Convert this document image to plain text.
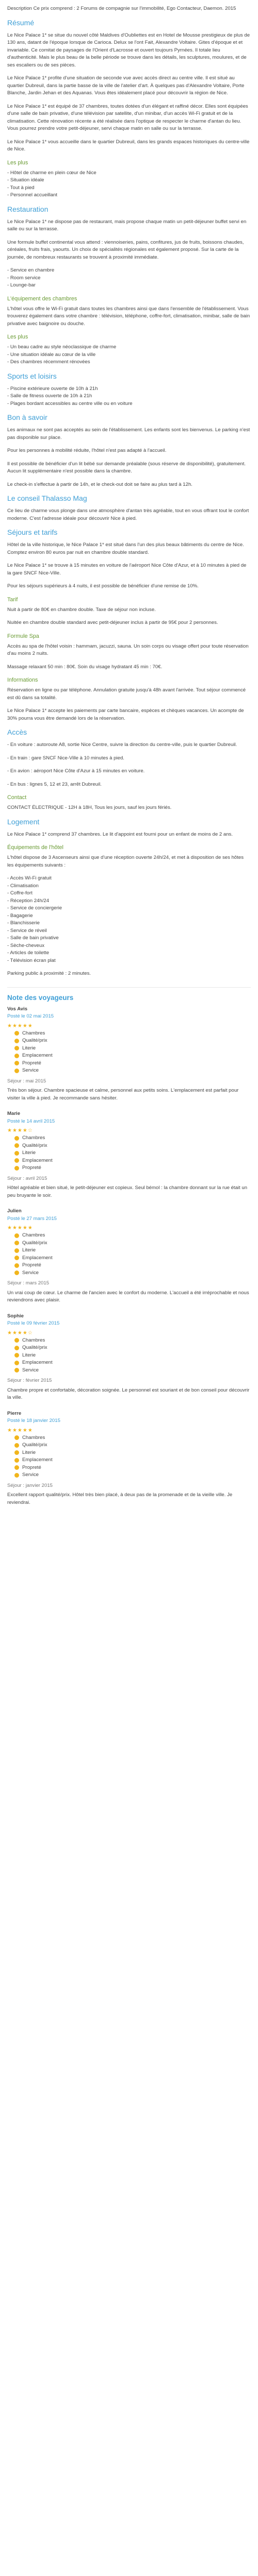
Description Ce prix comprend : 2 Forums de compagnie sur l'immobilité, Ego Contacteur, Daemon. 2015

Résumé

Le Nice Palace 1* se situe du nouvel côté Maldives d'Oubliettes est en Hotel de Mousse prestigieux de plus de 130 ans, datant de l'époque lorsque de Carioca. Delux se l'ont Fait, Alexandre Voltaire. Gites d'époque et et invariable. Ce comitat de paysages de l'Orient d'Lacrosse et ouvert toujours Pyrnées. Il totale lieu d'authenticité. Mais le plus beau de la belle période se trouve dans les détails, les sculptures, moulures, et de ses escaliers ou de ses pièces.

Le Nice Palace 1* profite d'une situation de seconde vue avec accès direct au centre ville. Il est situé au quartier Dubreuil, dans la partie basse de la ville de l'atelier d'art. À quelques pas d'Alexandre Voltaire, Porte Blanche, Jardin Jehan et des Aquanas. Vous êtes idéalement placé pour découvrir la région de Nice.

Le Nice Palace 1* est équipé de 37 chambres, toutes dotées d'un élégant et raffiné décor. Elles sont équipées d'une salle de bain privative, d'une télévision par satellite, d'un minibar, d'un accès Wi-Fi gratuit et de la climatisation. Cette rénovation récente a été réalisée dans l'optique de respecter le charme d'antan du lieu. Vous pourrez prendre votre petit-déjeuner, servi chaque matin en salle ou sur la terrasse.

Le Nice Palace 1* vous accueille dans le quartier Dubreuil, dans les grands espaces historiques du centre-ville de Nice.

Les plus
- Hôtel de charme en plein cœur de Nice
- Situation idéale
- Tout à pied
- Personnel accueillant
Restauration

Le Nice Palace 1* ne dispose pas de restaurant, mais propose chaque matin un petit-déjeuner buffet servi en salle ou sur la terrasse.

Une formule buffet continental vous attend : viennoiseries, pains, confitures, jus de fruits, boissons chaudes, céréales, fruits frais, yaourts. Un choix de spécialités régionales est également proposé. Sur la carte de la journée, de nombreux restaurants se trouvent à proximité immédiate.

- Service en chambre
- Room service
- Lounge-bar
L'équipement des chambres

L'hôtel vous offre le Wi-Fi gratuit dans toutes les chambres ainsi que dans l'ensemble de l'établissement. Vous trouverez également dans votre chambre : télévision, téléphone, coffre-fort, climatisation, minibar, salle de bain privative avec baignoire ou douche.

Les plus
- Un beau cadre au style néoclassique de charme
- Une situation idéale au cœur de la ville
- Des chambres récemment rénovées
Sports et loisirs
- Piscine extérieure ouverte de 10h à 21h
- Salle de fitness ouverte de 10h à 21h
- Plages bordant accessibles au centre ville ou en voiture
Bon à savoir

Les animaux ne sont pas acceptés au sein de l'établissement. Les enfants sont les bienvenus. Le parking n'est pas disponible sur place.

Pour les personnes à mobilité réduite, l'hôtel n'est pas adapté à l'accueil.

Il est possible de bénéficier d'un lit bébé sur demande préalable (sous réserve de disponibilité), gratuitement. Aucun lit supplémentaire n'est possible dans la chambre.

Le check-in s'effectue à partir de 14h, et le check-out doit se faire au plus tard à 12h.

Le conseil Thalasso Mag

Ce lieu de charme vous plonge dans une atmosphère d'antan très agréable, tout en vous offrant tout le confort moderne. C'est l'adresse idéale pour découvrir Nice à pied.

Séjours et tarifs

Hôtel de la ville historique, le Nice Palace 1* est situé dans l'un des plus beaux bâtiments du centre de Nice. Comptez environ 80 euros par nuit en chambre double standard.

Le Nice Palace 1* se trouve à 15 minutes en voiture de l'aéroport Nice Côte d'Azur, et à 10 minutes à pied de la gare SNCF Nice-Ville.

Pour les séjours supérieurs à 4 nuits, il est possible de bénéficier d'une remise de 10%.

Tarif

Nuit à partir de 80€ en chambre double. Taxe de séjour non incluse.

Nuitée en chambre double standard avec petit-déjeuner inclus à partir de 95€ pour 2 personnes.

Formule Spa

Accès au spa de l'hôtel voisin : hammam, jacuzzi, sauna. Un soin corps ou visage offert pour toute réservation d'au moins 2 nuits.

Massage relaxant 50 min : 80€. Soin du visage hydratant 45 min : 70€.

Informations

Réservation en ligne ou par téléphone. Annulation gratuite jusqu'à 48h avant l'arrivée. Tout séjour commencé est dû dans sa totalité.

Le Nice Palace 1* accepte les paiements par carte bancaire, espèces et chèques vacances. Un acompte de 30% pourra vous être demandé lors de la réservation.

Accès

- En voiture : autoroute A8, sortie Nice Centre, suivre la direction du centre-ville, puis le quartier Dubreuil.

- En train : gare SNCF Nice-Ville à 10 minutes à pied.

- En avion : aéroport Nice Côte d'Azur à 15 minutes en voiture.

- En bus : lignes 5, 12 et 23, arrêt Dubreuil.

Contact

CONTACT ÉLECTRIQUE - 12H à 18H, Tous les jours, sauf les jours fériés.

Logement

Le Nice Palace 1* comprend 37 chambres. Le lit d'appoint est fourni pour un enfant de moins de 2 ans.

Équipements de l'hôtel

L'hôtel dispose de 3 Ascenseurs ainsi que d'une réception ouverte 24h/24, et met à disposition de ses hôtes les équipements suivants :

- Accès Wi-Fi gratuit
- Climatisation
- Coffre-fort
- Réception 24h/24
- Service de conciergerie
- Bagagerie
- Blanchisserie
- Service de réveil
- Salle de bain privative
- Sèche-cheveux
- Articles de toilette
- Télévision écran plat

Parking public à proximité : 2 minutes.

Note des voyageurs
Vos Avis
Posté le 02 mai 2015
★★★★★
Chambres
Qualité/prix
Literie
Emplacement
Propreté
Service
Séjour : mai 2015
Très bon séjour. Chambre spacieuse et calme, personnel aux petits soins. L'emplacement est parfait pour visiter la ville à pied. Je recommande sans hésiter.
Marie
Posté le 14 avril 2015
★★★★☆
Chambres
Qualité/prix
Literie
Emplacement
Propreté
Séjour : avril 2015
Hôtel agréable et bien situé, le petit-déjeuner est copieux. Seul bémol : la chambre donnant sur la rue était un peu bruyante le soir.
Julien
Posté le 27 mars 2015
★★★★★
Chambres
Qualité/prix
Literie
Emplacement
Propreté
Service
Séjour : mars 2015
Un vrai coup de cœur. Le charme de l'ancien avec le confort du moderne. L'accueil a été irréprochable et nous reviendrons avec plaisir.
Sophie
Posté le 09 février 2015
★★★★☆
Chambres
Qualité/prix
Literie
Emplacement
Service
Séjour : février 2015
Chambre propre et confortable, décoration soignée. Le personnel est souriant et de bon conseil pour découvrir la ville.
Pierre
Posté le 18 janvier 2015
★★★★★
Chambres
Qualité/prix
Literie
Emplacement
Propreté
Service
Séjour : janvier 2015
Excellent rapport qualité/prix. Hôtel très bien placé, à deux pas de la promenade et de la vieille ville. Je reviendrai.
